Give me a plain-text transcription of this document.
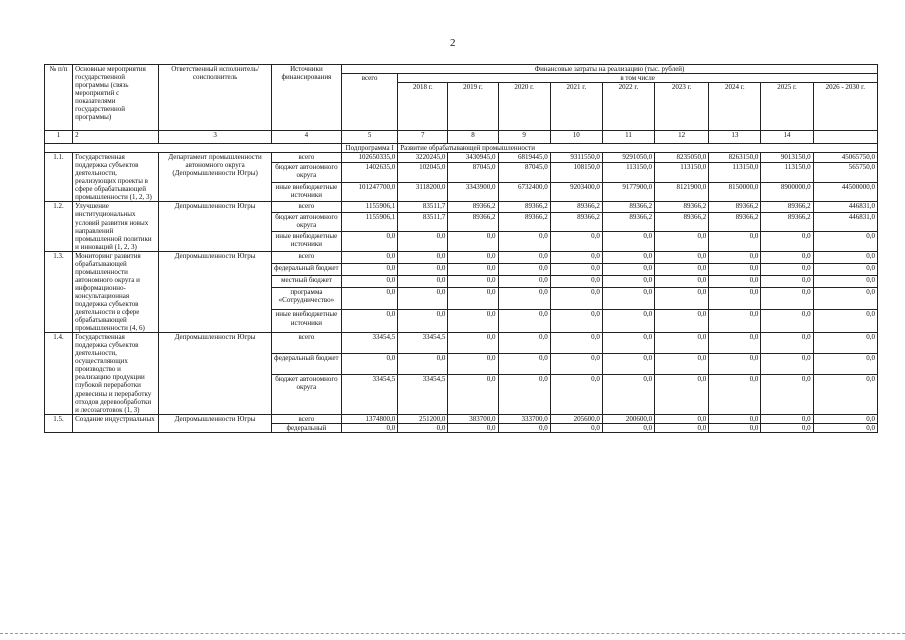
2
№ п/п	Основные мероприятия государственной программы (связь мероприятий с показателями государственной программы)	Ответственный исполнитель/соисполнитель	Источники финансирования	Финансовые затраты на реализацию (тыс. рублей)									
				всего	в том числе								
					2018 г.	2019 г.	2020 г.	2021 г.	2022 г.	2023 г.	2024 г.	2025 г.	2026 - 2030 г.
1	2	3	4	5	7	8	9	10	11	12	13	14	
				Подпрограмма I	Развитие обрабатывающей промышленности								
1.1.	Государственная поддержка субъектов деятельности, реализующих проекты в сфере обрабатывающей промышленности (1, 2, 3)	Департамент промышленности автономного округа (Депромышленности Югры)	всего	102650335,0	3220245,0	3430945,0	6819445,0	9311550,0	9291050,0	8235050,0	8263150,0	9013150,0	45065750,0
			бюджет автономного округа	1402635,0	102045,0	87045,0	87045,0	108150,0	113150,0	113150,0	113150,0	113150,0	565750,0
			иные внебюджетные источники	101247700,0	3118200,0	3343900,0	6732400,0	9203400,0	9177900,0	8121900,0	8150000,0	8900000,0	44500000,0
1.2.	Улучшение институциональных условий развития новых направлений промышленной политики и инноваций (1, 2, 3)	Депромышленности Югры	всего	1155906,1	83511,7	89366,2	89366,2	89366,2	89366,2	89366,2	89366,2	89366,2	446831,0
			бюджет автономного округа	1155906,1	83511,7	89366,2	89366,2	89366,2	89366,2	89366,2	89366,2	89366,2	446831,0
			иные внебюджетные источники	0,0	0,0	0,0	0,0	0,0	0,0	0,0	0,0	0,0	0,0
1.3.	Мониторинг развития обрабатывающей промышленности автономного округа и информационно-консультационная поддержка субъектов деятельности в сфере обрабатывающей промышленности (4, 6)	Депромышленности Югры	всего	0,0	0,0	0,0	0,0	0,0	0,0	0,0	0,0	0,0	0,0
			федеральный бюджет	0,0	0,0	0,0	0,0	0,0	0,0	0,0	0,0	0,0	0,0
			местный бюджет	0,0	0,0	0,0	0,0	0,0	0,0	0,0	0,0	0,0	0,0
			программа «Сотрудничество»	0,0	0,0	0,0	0,0	0,0	0,0	0,0	0,0	0,0	0,0
			иные внебюджетные источники	0,0	0,0	0,0	0,0	0,0	0,0	0,0	0,0	0,0	0,0
1.4.	Государственная поддержка субъектов деятельности, осуществляющих производство и реализацию продукции глубокой переработки древесины и переработку отходов деревообработки и лесозаготовок (1, 3)	Депромышленности Югры	всего	33454,5	33454,5	0,0	0,0	0,0	0,0	0,0	0,0	0,0	0,0
			федеральный бюджет	0,0	0,0	0,0	0,0	0,0	0,0	0,0	0,0	0,0	0,0
			бюджет автономного округа	33454,5	33454,5	0,0	0,0	0,0	0,0	0,0	0,0	0,0	0,0
1.5.	Создание индустриальных	Депромышленности Югры	всего	1374800,0	251200,0	383700,0	333700,0	205600,0	200600,0	0,0	0,0	0,0	0,0
			федеральный	0,0	0,0	0,0	0,0	0,0	0,0	0,0	0,0	0,0	0,0
